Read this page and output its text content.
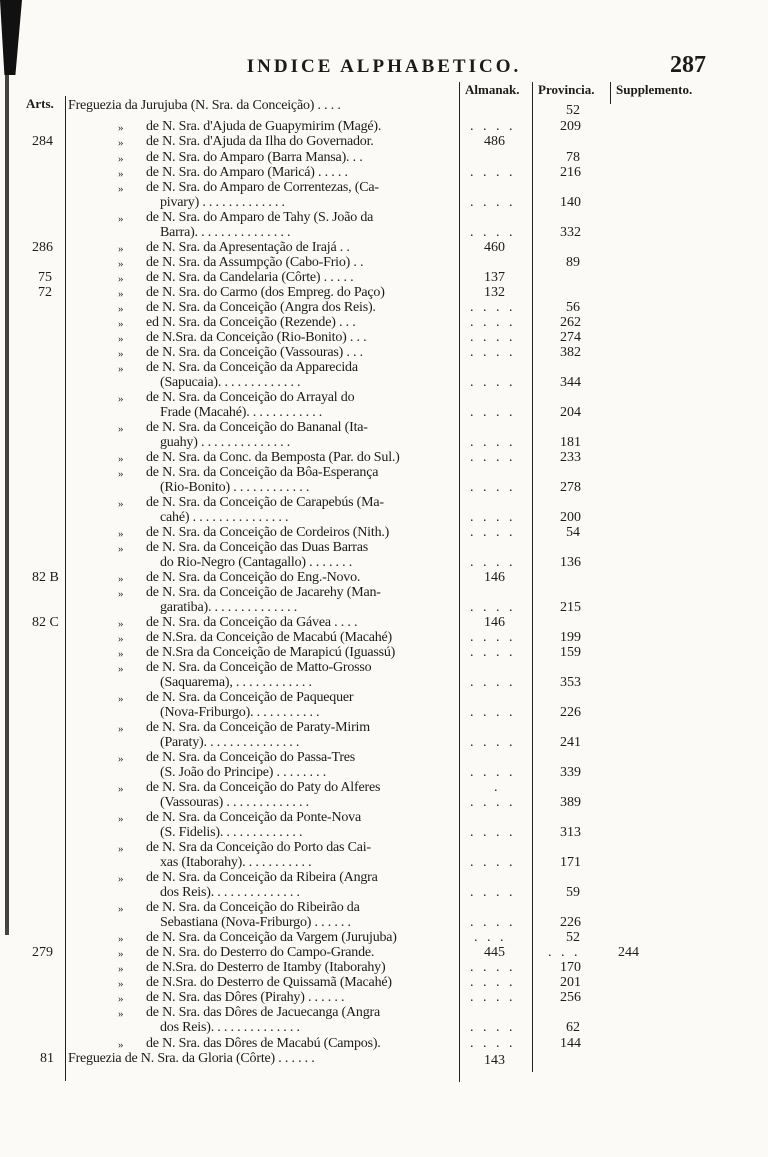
INDICE ALPHABETICO.	287
Arts.
Almanak. Provincia. Supplemento.
Freguezia da Jurujuba (N. Sra. da Conceição) . . . .
de N. Sra. d'Ajuda de Guapymirim (Magé).
de N. Sra. d'Ajuda da Ilha do Governador.
de N. Sra. do Amparo (Barra Mansa). . .
de N. Sra. do Amparo (Maricá) . . . . .
de N. Sra. do Amparo de Correntezas, (Ca-
pivary) . . . . . . . . . . . . .
de N. Sra. do Amparo de Tahy (S. João da
Barra). . . . . . . . . . . . . . .
de N. Sra. da Apresentação de Irajá . .
de N. Sra. da Assumpção (Cabo-Frio) . .
de N. Sra. da Candelaria (Côrte) . . . . .
de N. Sra. do Carmo (dos Empreg. do Paço)
de N. Sra. da Conceição (Angra dos Reis).
ed N. Sra. da Conceição (Rezende) . . .
de N.Sra. da Conceição (Rio-Bonito) . . .
de N. Sra. da Conceição (Vassouras) . . .
de N. Sra. da Conceição da Apparecida
(Sapucaia). . . . . . . . . . . . .
de N. Sra. da Conceição do Arrayal do
Frade (Macahé). . . . . . . . . . . .
de N. Sra. da Conceição do Bananal (Ita-
guahy) . . . . . . . . . . . . . .
de N. Sra. da Conc. da Bemposta (Par. do Sul.)
de N. Sra. da Conceição da Bôa-Esperança
(Rio-Bonito) . . . . . . . . . . . .
de N. Sra. da Conceição de Carapebús (Ma-
cahé) . . . . . . . . . . . . . . .
de N. Sra. da Conceição de Cordeiros (Nith.)
de N. Sra. da Conceição das Duas Barras
do Rio-Negro (Cantagallo) . . . . . . .
de N. Sra. da Conceição do Eng.-Novo.
de N. Sra. da Conceição de Jacarehy (Man-
garatiba). . . . . . . . . . . . . .
de N. Sra. da Conceição da Gávea . . . .
de N.Sra. da Conceição de Macabú (Macahé)
de N.Sra da Conceição de Marapicú (Iguassú)
de N. Sra. da Conceição de Matto-Grosso
(Saquarema), . . . . . . . . . . . .
de N. Sra. da Conceição de Paquequer
(Nova-Friburgo). . . . . . . . . . .
de N. Sra. da Conceição de Paraty-Mirim
(Paraty). . . . . . . . . . . . . . .
de N. Sra. da Conceição do Passa-Tres
(S. João do Principe) . . . . . . . .
de N. Sra. da Conceição do Paty do Alferes
(Vassouras) . . . . . . . . . . . . .
de N. Sra. da Conceição da Ponte-Nova
(S. Fidelis). . . . . . . . . . . . .
de N. Sra da Conceição do Porto das Cai-
xas (Itaborahy). . . . . . . . . . .
de N. Sra. da Conceição da Ribeira (Angra
dos Reis). . . . . . . . . . . . . .
de N. Sra. da Conceição do Ribeirão da
Sebastiana (Nova-Friburgo) . . . . . .
de N. Sra. da Conceição da Vargem (Jurujuba)
de N. Sra. do Desterro do Campo-Grande.
de N.Sra. do Desterro de Itamby (Itaborahy)
de N.Sra. do Desterro de Quissamã (Macahé)
de N. Sra. das Dôres (Pirahy) . . . . . .
de N. Sra. das Dôres de Jacuecanga (Angra
dos Reis). . . . . . . . . . . . . .
de N. Sra. das Dôres de Macabú (Campos).
Freguezia de N. Sra. da Gloria (Côrte) . . . . . .
»
»
»
»
»
»
»
»
»
»
»
»
»
»
»
»
»
»
»
»
»
»
»
»
»
»
»
»
»
»
»
»
»
»
»
»
»
»
»
»
»
»
»
284
286
75
72
82 B
82 C
279
81
486
460
137
132
146
146
445
143
. . . .
. . . .
. . . .
. . . .
. . . .
. . . .
. . . .
. . . .
. . . .
. . . .
. . . .
. . . .
. . . .
. . . .
. . . .
. . . .
. . . .
. . . .
. . . .
. . . .
. . . .
. . . .
. . . .
.
. . . .
. . . .
. . . .
. . . .
. . . .
. . .
. . . .
. . . .
. . . .
. . . .
. . . .
52
209
78
216
140
332
89
56
262
274
382
344
204
181
233
278
200
54
136
215
199
159
353
226
241
339
389
313
171
59
226
52
170
201
256
62
144
. . .	244
